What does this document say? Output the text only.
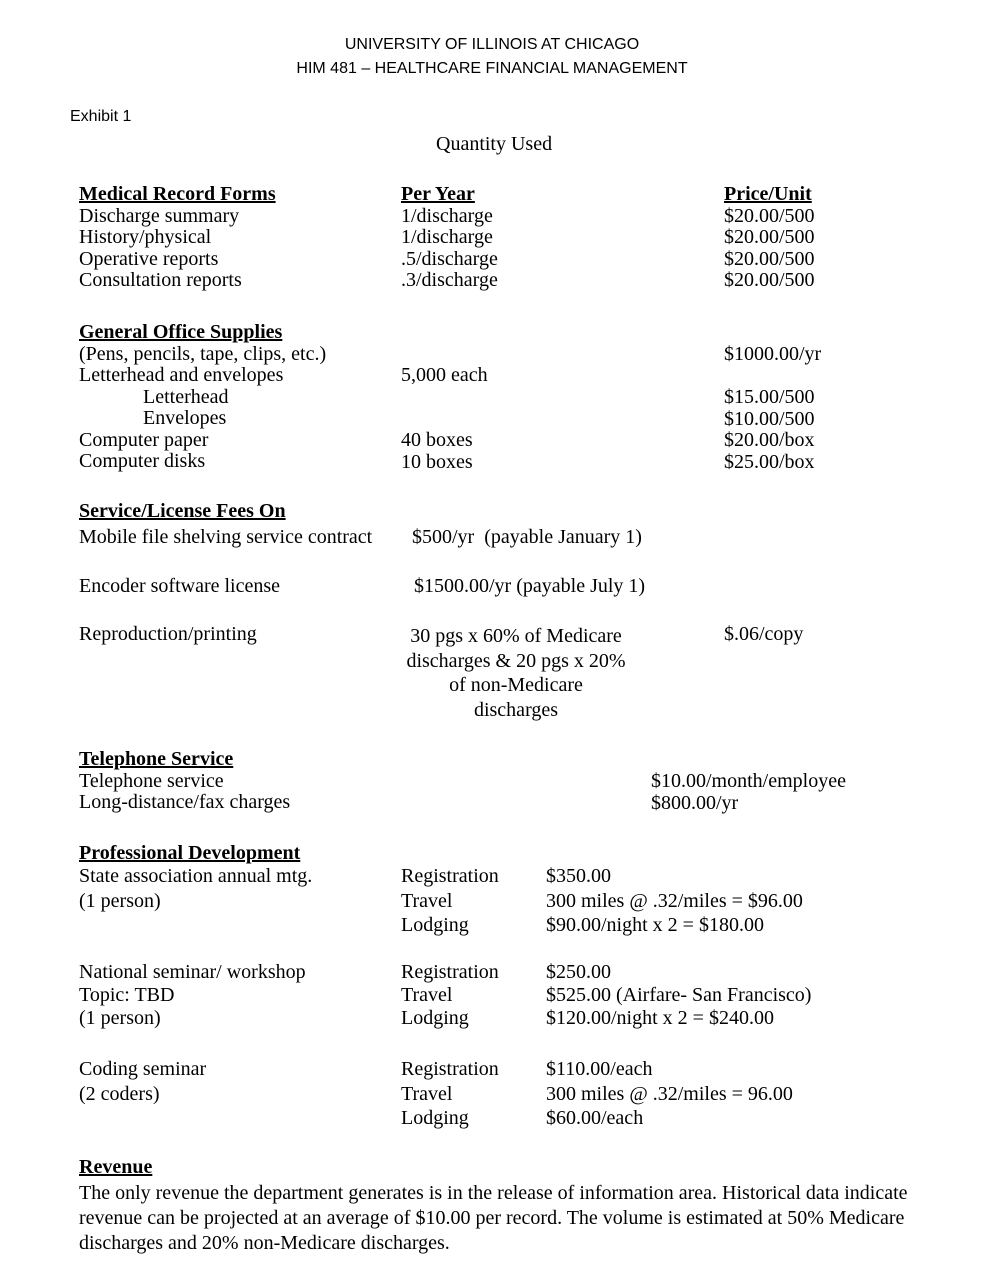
UNIVERSITY OF ILLINOIS AT CHICAGO
HIM 481 – HEALTHCARE FINANCIAL MANAGEMENT
Exhibit 1
Quantity Used
Medical Record Forms
Discharge summary
History/physical
Operative reports
Consultation reports
Per Year
1/discharge
1/discharge
.5/discharge
.3/discharge
Price/Unit
$20.00/500
$20.00/500
$20.00/500
$20.00/500
General Office Supplies
(Pens, pencils, tape, clips, etc.)
Letterhead and envelopes
Letterhead
Envelopes
Computer paper
Computer disks
$1000.00/yr
5,000 each
$15.00/500
$10.00/500
$20.00/box
$25.00/box
40 boxes
10 boxes
Service/License Fees On
Mobile file shelving service contract $500/yr  (payable January 1)
Encoder software license	$1500.00/yr (payable July 1)
Reproduction/printing	30 pgs x 60% of Medicare
discharges & 20 pgs x 20%
of non-Medicare
discharges
$.06/copy
Telephone Service
Telephone service
Long-distance/fax charges
$10.00/month/employee
$800.00/yr
Professional Development
State association annual mtg.
(1 person)
Registration
Travel
Lodging
$350.00
300 miles @ .32/miles = $96.00
$90.00/night x 2 = $180.00
National seminar/ workshop
Topic: TBD
(1 person)
Registration
Travel
Lodging
$250.00
$525.00 (Airfare- San Francisco)
$120.00/night x 2 = $240.00
Coding seminar
(2 coders)
Registration
Travel
Lodging
$110.00/each
300 miles @ .32/miles = 96.00
$60.00/each
Revenue
The only revenue the department generates is in the release of information area. Historical data indicate revenue can be projected at an average of $10.00 per record. The volume is estimated at 50% Medicare discharges and 20% non-Medicare discharges.
